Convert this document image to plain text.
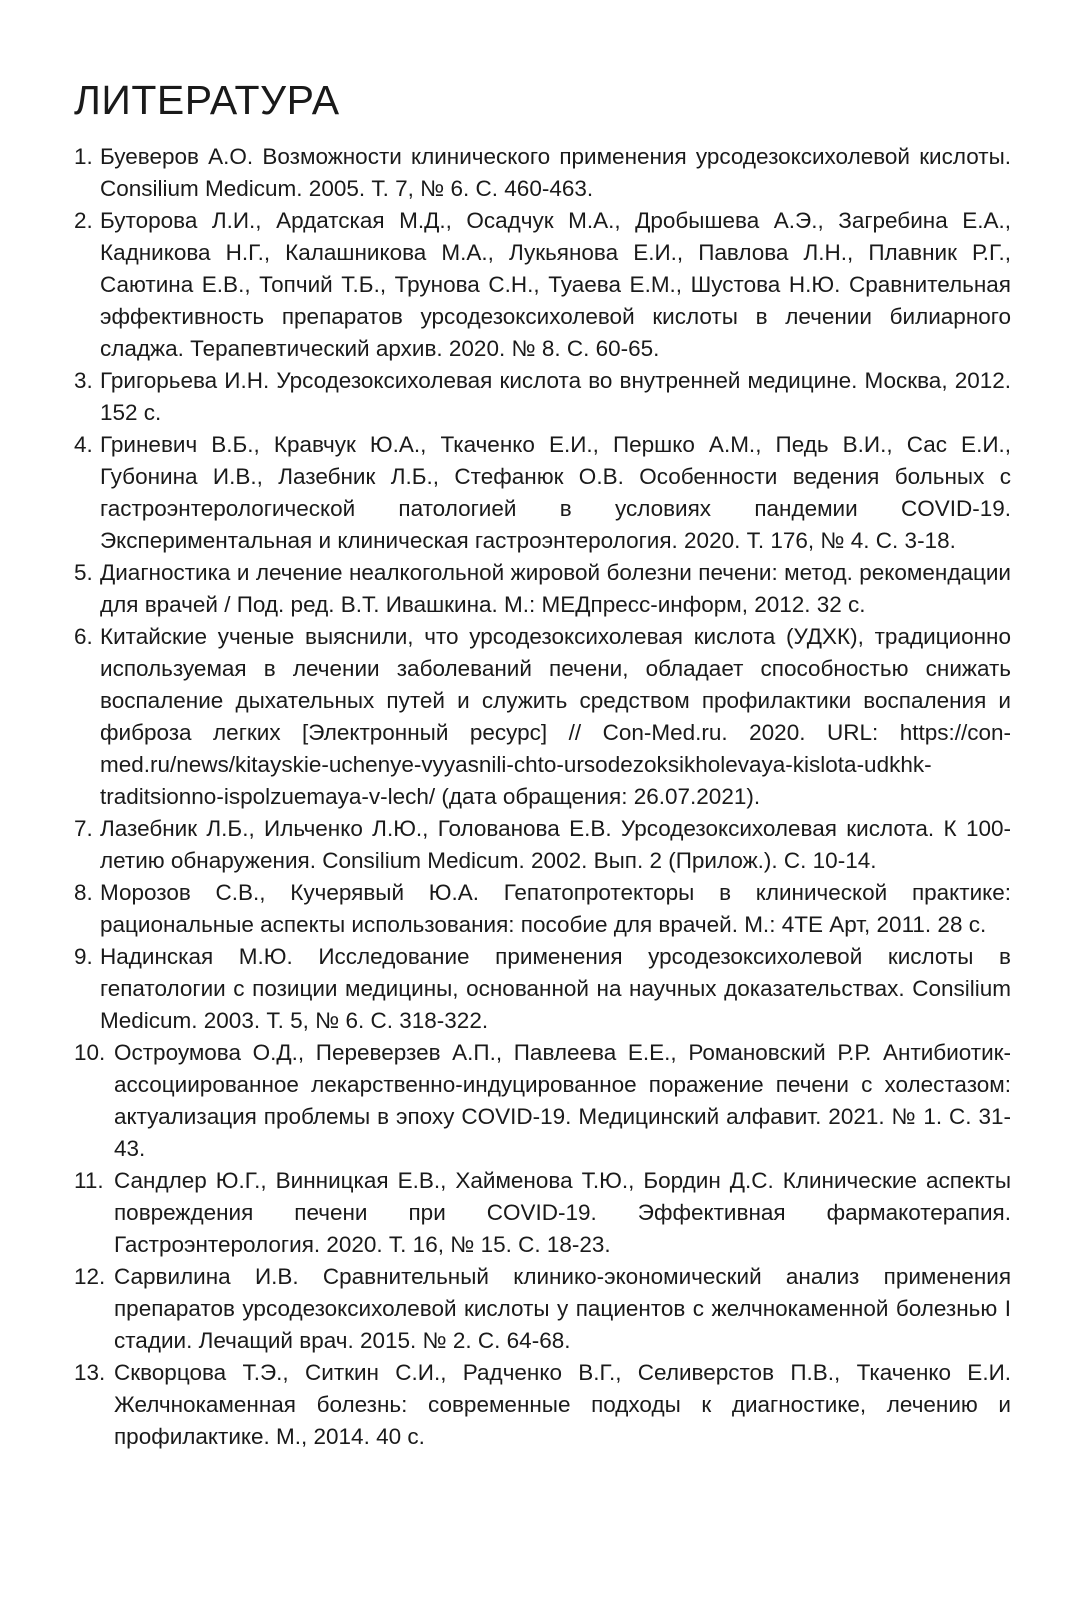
ЛИТЕРАТУРА
1. Буеверов А.О. Возможности клинического применения урсодезоксихолевой кислоты. Consilium Medicum. 2005. Т. 7, № 6. С. 460-463.
2. Буторова Л.И., Ардатская М.Д., Осадчук М.А., Дробышева А.Э., Загребина Е.А., Кадникова Н.Г., Калашникова М.А., Лукьянова Е.И., Павлова Л.Н., Плавник Р.Г., Саютина Е.В., Топчий Т.Б., Трунова С.Н., Туаева Е.М., Шустова Н.Ю. Сравнительная эффективность препаратов урсодезоксихолевой кислоты в лечении билиарного сладжа. Терапевтический архив. 2020. № 8. С. 60-65.
3. Григорьева И.Н. Урсодезоксихолевая кислота во внутренней медицине. Москва, 2012. 152 с.
4. Гриневич В.Б., Кравчук Ю.А., Ткаченко Е.И., Першко А.М., Педь В.И., Сас Е.И., Губонина И.В., Лазебник Л.Б., Стефанюк О.В. Особенности ведения больных с гастроэнтерологической патологией в условиях пандемии COVID-19. Экспериментальная и клиническая гастроэнтерология. 2020. Т. 176, № 4. С. 3-18.
5. Диагностика и лечение неалкогольной жировой болезни печени: метод. рекомендации для врачей / Под. ред. В.Т. Ивашкина. М.: МЕДпресс-информ, 2012. 32 с.
6. Китайские ученые выяснили, что урсодезоксихолевая кислота (УДХК), традиционно используемая в лечении заболеваний печени, обладает способностью снижать воспаление дыхательных путей и служить средством профилактики воспаления и фиброза легких [Электронный ресурс] // Con-Med.ru. 2020. URL: https://con-med.ru/news/kitayskie-uchenye-vyyasnili-chto-ursodezoksikholevaya-kislota-udkhk-traditsionno-ispolzuemaya-v-lech/ (дата обращения: 26.07.2021).
7. Лазебник Л.Б., Ильченко Л.Ю., Голованова Е.В. Урсодезоксихолевая кислота. К 100-летию обнаружения. Consilium Medicum. 2002. Вып. 2 (Прилож.). С. 10-14.
8. Морозов С.В., Кучерявый Ю.А. Гепатопротекторы в клинической практике: рациональные аспекты использования: пособие для врачей. М.: 4ТЕ Арт, 2011. 28 с.
9. Надинская М.Ю. Исследование применения урсодезоксихолевой кислоты в гепатологии с позиции медицины, основанной на научных доказательствах. Consilium Medicum. 2003. Т. 5, № 6. С. 318-322.
10. Остроумова О.Д., Переверзев А.П., Павлеева Е.Е., Романовский Р.Р. Антибиотик-ассоциированное лекарственно-индуцированное поражение печени с холестазом: актуализация проблемы в эпоху COVID-19. Медицинский алфавит. 2021. № 1. С. 31-43.
11. Сандлер Ю.Г., Винницкая Е.В., Хайменова Т.Ю., Бордин Д.С. Клинические аспекты повреждения печени при COVID-19. Эффективная фармакотерапия. Гастроэнтерология. 2020. Т. 16, № 15. С. 18-23.
12. Сарвилина И.В. Сравнительный клинико-экономический анализ применения препаратов урсодезоксихолевой кислоты у пациентов с желчнокаменной болезнью I стадии. Лечащий врач. 2015. № 2. С. 64-68.
13. Скворцова Т.Э., Ситкин С.И., Радченко В.Г., Селиверстов П.В., Ткаченко Е.И. Желчнокаменная болезнь: современные подходы к диагностике, лечению и профилактике. М., 2014. 40 с.
